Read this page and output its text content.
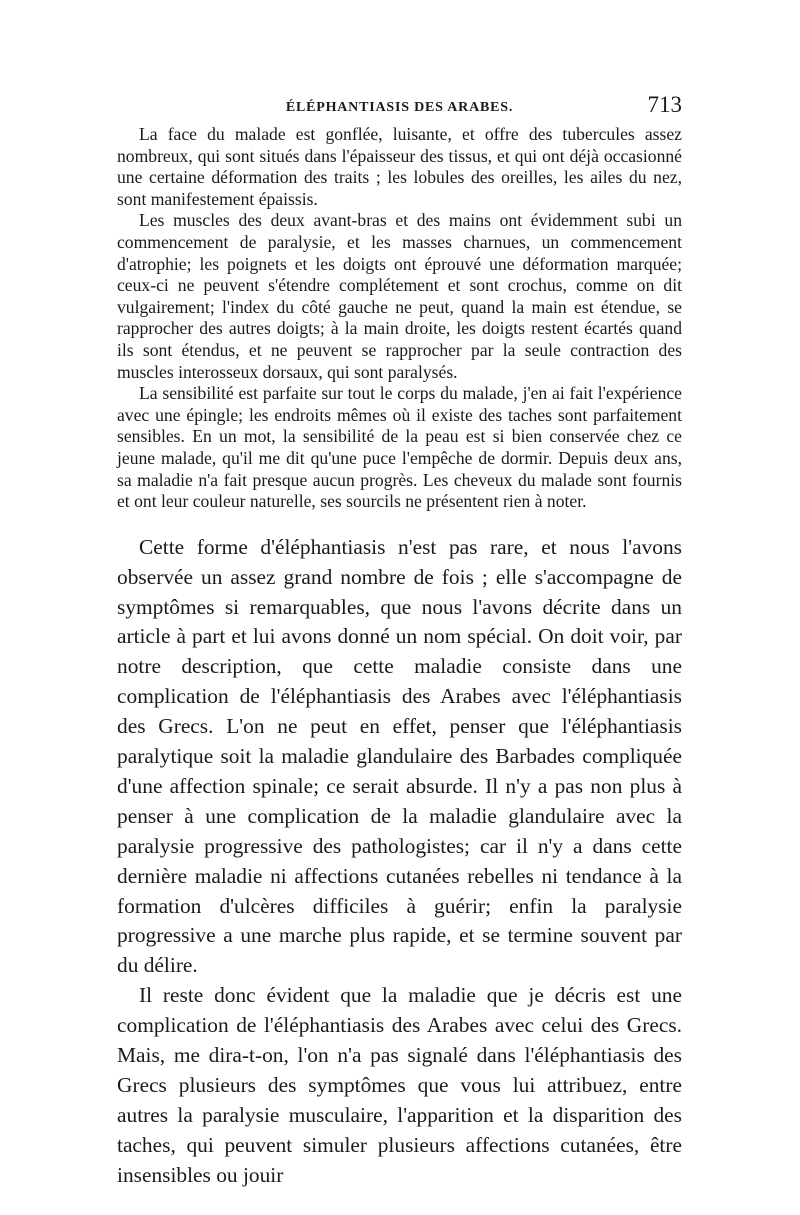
ÉLÉPHANTIASIS DES ARABES.	713

La face du malade est gonflée, luisante, et offre des tubercules assez nombreux, qui sont situés dans l'épaisseur des tissus, et qui ont déjà occasionné une certaine déformation des traits ; les lobules des oreilles, les ailes du nez, sont manifestement épaissis.

Les muscles des deux avant-bras et des mains ont évidemment subi un commencement de paralysie, et les masses charnues, un commencement d'atrophie; les poignets et les doigts ont éprouvé une déformation marquée; ceux-ci ne peuvent s'étendre complétement et sont crochus, comme on dit vulgairement; l'index du côté gauche ne peut, quand la main est étendue, se rapprocher des autres doigts; à la main droite, les doigts restent écartés quand ils sont étendus, et ne peuvent se rapprocher par la seule contraction des muscles interosseux dorsaux, qui sont paralysés.

La sensibilité est parfaite sur tout le corps du malade, j'en ai fait l'expérience avec une épingle; les endroits mêmes où il existe des taches sont parfaitement sensibles. En un mot, la sensibilité de la peau est si bien conservée chez ce jeune malade, qu'il me dit qu'une puce l'empêche de dormir. Depuis deux ans, sa maladie n'a fait presque aucun progrès. Les cheveux du malade sont fournis et ont leur couleur naturelle, ses sourcils ne présentent rien à noter.

Cette forme d'éléphantiasis n'est pas rare, et nous l'avons observée un assez grand nombre de fois ; elle s'accompagne de symptômes si remarquables, que nous l'avons décrite dans un article à part et lui avons donné un nom spécial. On doit voir, par notre description, que cette maladie consiste dans une complication de l'éléphantiasis des Arabes avec l'éléphantiasis des Grecs. L'on ne peut en effet, penser que l'éléphantiasis paralytique soit la maladie glandulaire des Barbades compliquée d'une affection spinale; ce serait absurde. Il n'y a pas non plus à penser à une complication de la maladie glandulaire avec la paralysie progressive des pathologistes; car il n'y a dans cette dernière maladie ni affections cutanées rebelles ni tendance à la formation d'ulcères difficiles à guérir; enfin la paralysie progressive a une marche plus rapide, et se termine souvent par du délire.

Il reste donc évident que la maladie que je décris est une complication de l'éléphantiasis des Arabes avec celui des Grecs. Mais, me dira-t-on, l'on n'a pas signalé dans l'éléphantiasis des Grecs plusieurs des symptômes que vous lui attribuez, entre autres la paralysie musculaire, l'apparition et la disparition des taches, qui peuvent simuler plusieurs affections cutanées, être insensibles ou jouir
